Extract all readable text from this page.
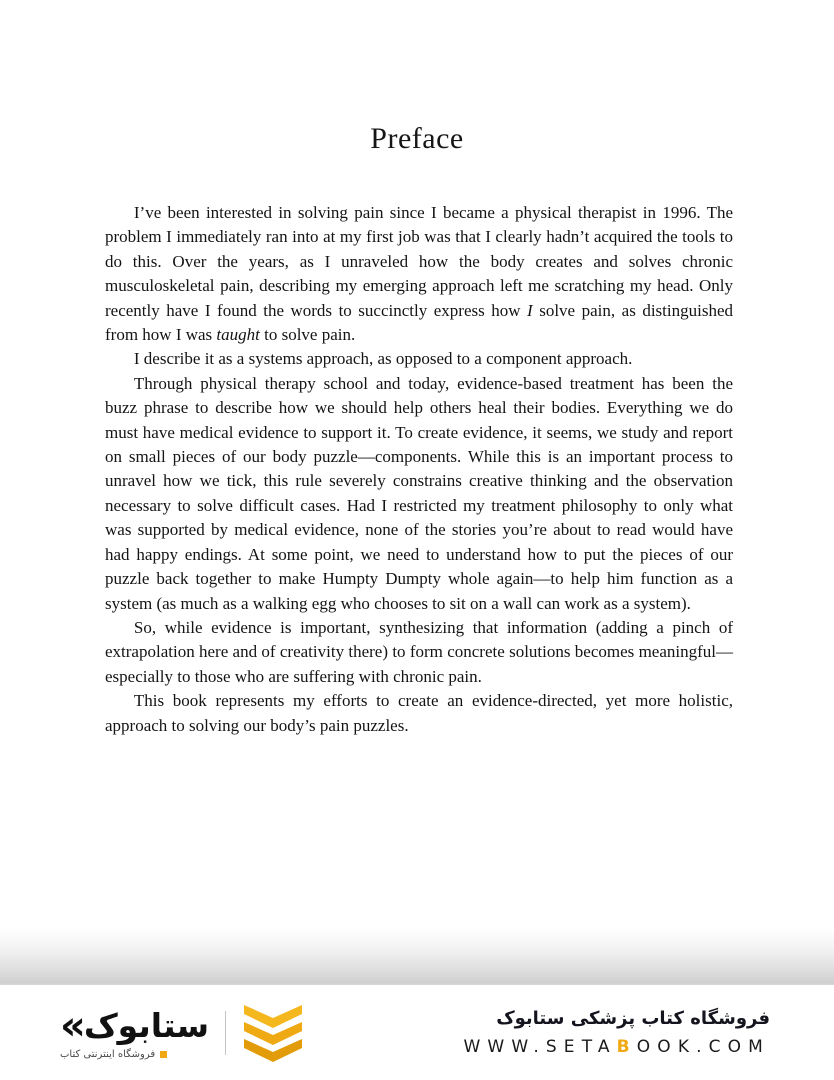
Preface

I’ve been interested in solving pain since I became a physical therapist in 1996. The problem I immediately ran into at my first job was that I clearly hadn’t acquired the tools to do this. Over the years, as I unraveled how the body creates and solves chronic musculoskeletal pain, describing my emerging approach left me scratching my head. Only recently have I found the words to succinctly express how I solve pain, as distinguished from how I was taught to solve pain.

I describe it as a systems approach, as opposed to a component approach.

Through physical therapy school and today, evidence-based treatment has been the buzz phrase to describe how we should help others heal their bodies. Everything we do must have medical evidence to support it. To create evidence, it seems, we study and report on small pieces of our body puzzle—components. While this is an important process to unravel how we tick, this rule severely constrains creative thinking and the observation necessary to solve difficult cases. Had I restricted my treatment philosophy to only what was supported by medical evidence, none of the stories you’re about to read would have had happy endings. At some point, we need to understand how to put the pieces of our puzzle back together to make Humpty Dumpty whole again—to help him function as a system (as much as a walking egg who chooses to sit on a wall can work as a system).

So, while evidence is important, synthesizing that information (adding a pinch of extrapolation here and of creativity there) to form concrete solutions becomes meaningful—especially to those who are suffering with chronic pain.

This book represents my efforts to create an evidence-directed, yet more holistic, approach to solving our body’s pain puzzles.

« ستابوک
فروشگاه اینترنتی کتاب
فروشگاه کتاب پزشکی ستابوک
WWW.SETABOOK.COM
